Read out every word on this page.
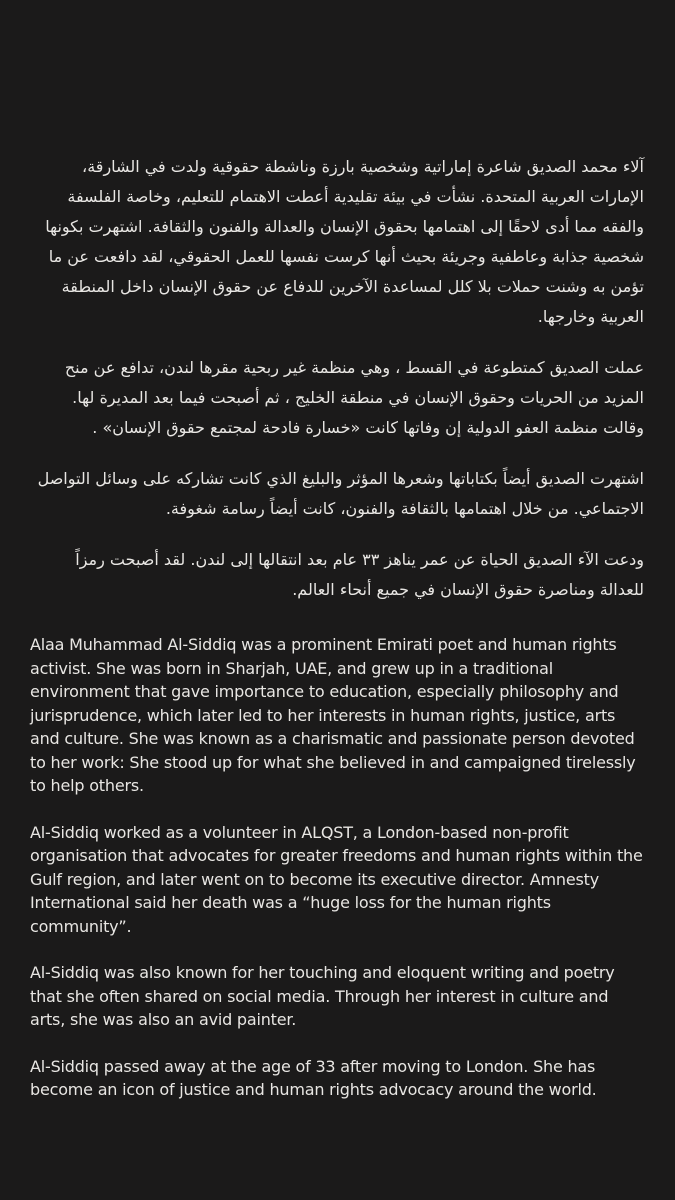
آلاء محمد الصديق شاعرة إماراتية وشخصية بارزة وناشطة حقوقية ولدت في الشارقة، الإمارات العربية المتحدة. نشأت في بيئة تقليدية أعطت الاهتمام للتعليم، وخاصة الفلسفة والفقه مما أدى لاحقًا إلى اهتمامها بحقوق الإنسان والعدالة والفنون والثقافة. اشتهرت بكونها شخصية جذابة وعاطفية وجريئة بحيث أنها كرست نفسها للعمل الحقوقي، لقد دافعت عن ما تؤمن به وشنت حملات بلا كلل لمساعدة الآخرين للدفاع عن حقوق الإنسان داخل المنطقة العربية وخارجها.

عملت الصديق كمتطوعة في القسط ، وهي منظمة غير ربحية مقرها لندن، تدافع عن منح المزيد من الحريات وحقوق الإنسان في منطقة الخليج ، ثم أصبحت فيما بعد المديرة لها. وقالت منظمة العفو الدولية إن وفاتها كانت «خسارة فادحة لمجتمع حقوق الإنسان» .

اشتهرت الصديق أيضاً بكتاباتها وشعرها المؤثر والبليغ الذي كانت تشاركه على وسائل التواصل الاجتماعي. من خلال اهتمامها بالثقافة والفنون، كانت أيضاً رسامة شغوفة.

ودعت الآء الصديق الحياة عن عمر يناهز ٣٣ عام بعد انتقالها إلى لندن. لقد أصبحت رمزاً للعدالة ومناصرة حقوق الإنسان في جميع أنحاء العالم.

Alaa Muhammad Al-Siddiq was a prominent Emirati poet and human rights activist. She was born in Sharjah, UAE, and grew up in a traditional environment that gave importance to education, especially philosophy and jurisprudence, which later led to her interests in human rights, justice, arts and culture. She was known as a charismatic and passionate person devoted to her work: She stood up for what she believed in and campaigned tirelessly to help others.

Al-Siddiq worked as a volunteer in ALQST, a London-based non-profit organisation that advocates for greater freedoms and human rights within the Gulf region, and later went on to become its executive director. Amnesty International said her death was a “huge loss for the human rights community”.

Al-Siddiq was also known for her touching and eloquent writing and poetry that she often shared on social media. Through her interest in culture and arts, she was also an avid painter.

Al-Siddiq passed away at the age of 33 after moving to London. She has become an icon of justice and human rights advocacy around the world.
